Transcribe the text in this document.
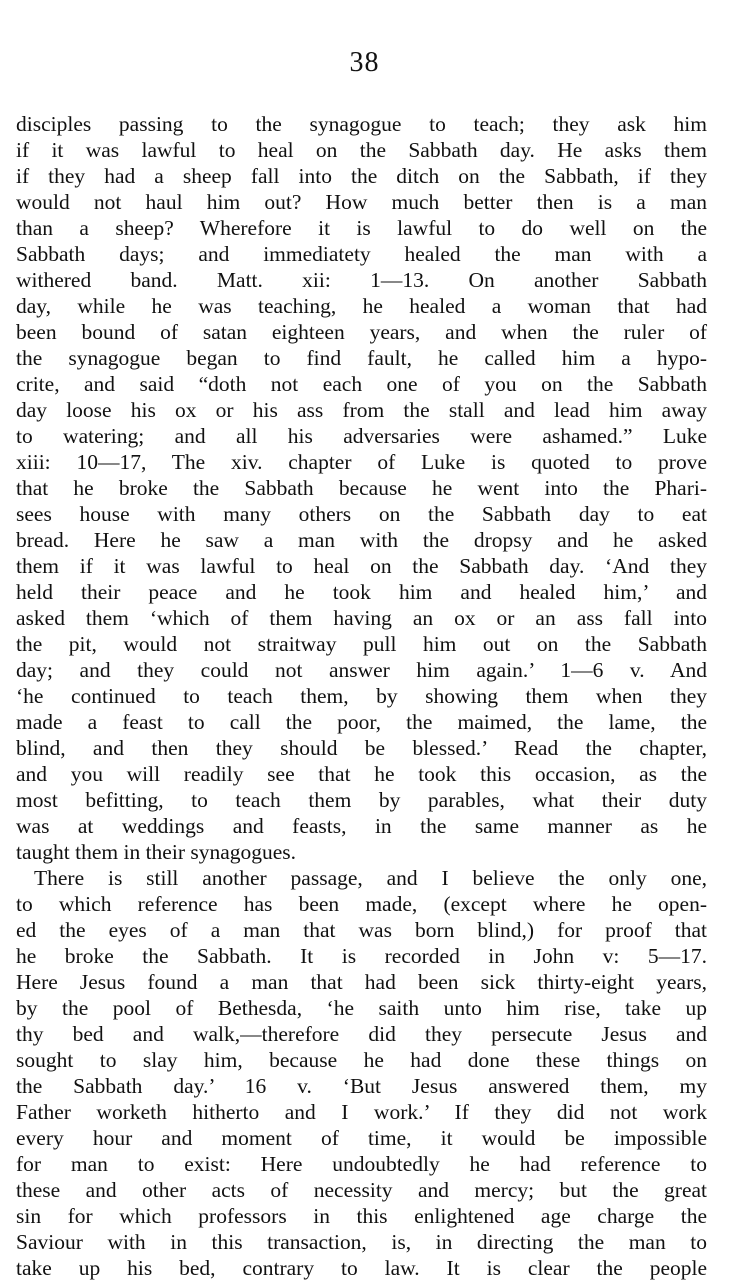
38
disciples passing to the synagogue to teach; they ask him
if it was lawful to heal on the Sabbath day. He asks them
if they had a sheep fall into the ditch on the Sabbath, if they
would not haul him out? How much better then is a man
than a sheep? Wherefore it is lawful to do well on the
Sabbath days; and immediatety healed the man with a
withered band. Matt. xii: 1—13. On another Sabbath
day, while he was teaching, he healed a woman that had
been bound of satan eighteen years, and when the ruler of
the synagogue began to find fault, he called him a hypo-
crite, and said “doth not each one of you on the Sabbath
day loose his ox or his ass from the stall and lead him away
to watering; and all his adversaries were ashamed.” Luke
xiii: 10—17, The xiv. chapter of Luke is quoted to prove
that he broke the Sabbath because he went into the Phari-
sees house with many others on the Sabbath day to eat
bread. Here he saw a man with the dropsy and he asked
them if it was lawful to heal on the Sabbath day. ‘And they
held their peace and he took him and healed him,’ and
asked them ‘which of them having an ox or an ass fall into
the pit, would not straitway pull him out on the Sabbath
day; and they could not answer him again.’ 1—6 v. And
‘he continued to teach them, by showing them when they
made a feast to call the poor, the maimed, the lame, the
blind, and then they should be blessed.’ Read the chapter,
and you will readily see that he took this occasion, as the
most befitting, to teach them by parables, what their duty
was at weddings and feasts, in the same manner as he
taught them in their synagogues.
There is still another passage, and I believe the only one,
to which reference has been made, (except where he open-
ed the eyes of a man that was born blind,) for proof that
he broke the Sabbath. It is recorded in John v: 5—17.
Here Jesus found a man that had been sick thirty-eight years,
by the pool of Bethesda, ‘he saith unto him rise, take up
thy bed and walk,—therefore did they persecute Jesus and
sought to slay him, because he had done these things on
the Sabbath day.’ 16 v. ‘But Jesus answered them, my
Father worketh hitherto and I work.’ If they did not work
every hour and moment of time, it would be impossible
for man to exist: Here undoubtedly he had reference to
these and other acts of necessity and mercy; but the great
sin for which professors in this enlightened age charge the
Saviour with in this transaction, is, in directing the man to
take up his bed, contrary to law. It is clear the people
